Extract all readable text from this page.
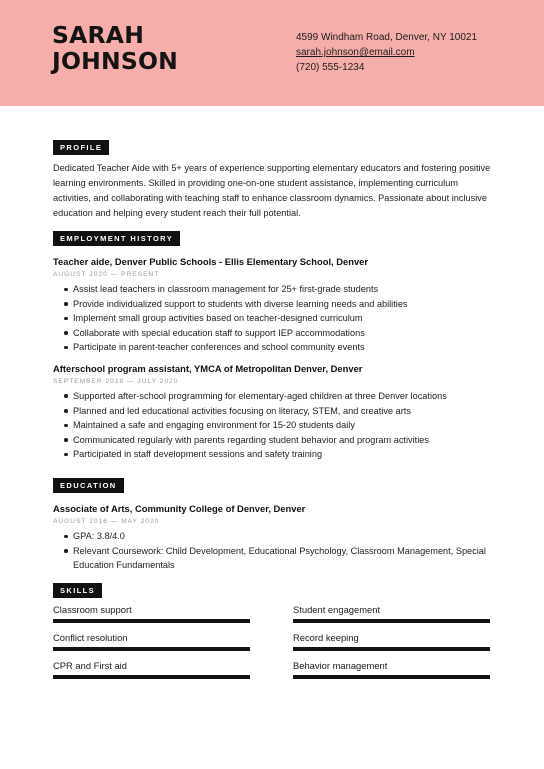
SARAH
JOHNSON
4599 Windham Road, Denver, NY 10021
sarah.johnson@email.com
(720) 555-1234
PROFILE
Dedicated Teacher Aide with 5+ years of experience supporting elementary educators and fostering positive learning environments. Skilled in providing one-on-one student assistance, implementing curriculum activities, and collaborating with teaching staff to enhance classroom dynamics. Passionate about inclusive education and helping every student reach their full potential.
EMPLOYMENT HISTORY
Teacher aide, Denver Public Schools - Ellis Elementary School, Denver
AUGUST 2020 — PRESENT
Assist lead teachers in classroom management for 25+ first-grade students
Provide individualized support to students with diverse learning needs and abilities
Implement small group activities based on teacher-designed curriculum
Collaborate with special education staff to support IEP accommodations
Participate in parent-teacher conferences and school community events
Afterschool program assistant, YMCA of Metropolitan Denver, Denver
SEPTEMBER 2018 — JULY 2020
Supported after-school programming for elementary-aged children at three Denver locations
Planned and led educational activities focusing on literacy, STEM, and creative arts
Maintained a safe and engaging environment for 15-20 students daily
Communicated regularly with parents regarding student behavior and program activities
Participated in staff development sessions and safety training
EDUCATION
Associate of Arts, Community College of Denver, Denver
AUGUST 2016 — MAY 2020
GPA: 3.8/4.0
Relevant Coursework: Child Development, Educational Psychology, Classroom Management, Special Education Fundamentals
SKILLS
Classroom support	Student engagement
Conflict resolution	Record keeping
CPR and First aid	Behavior management
